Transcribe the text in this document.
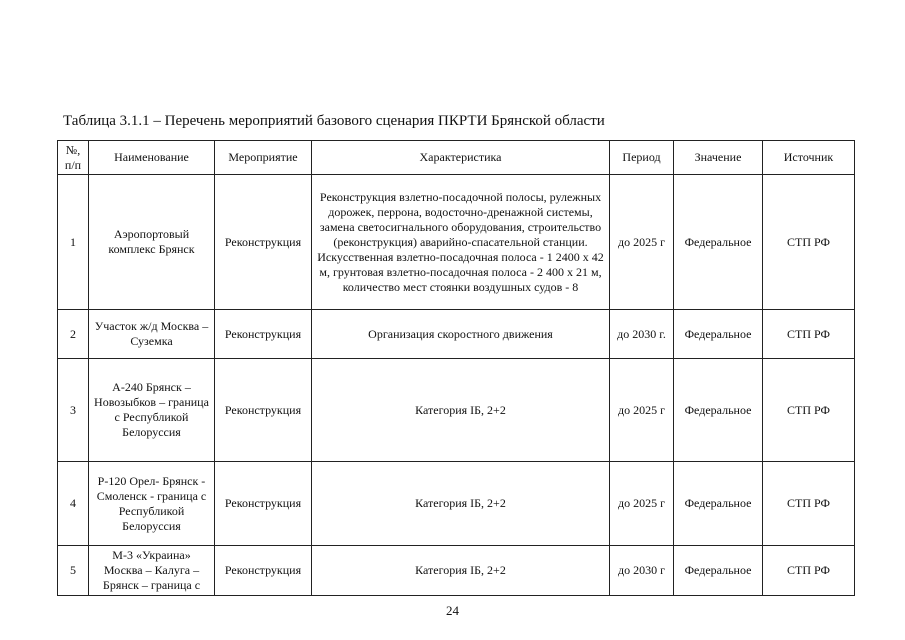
Таблица 3.1.1 – Перечень мероприятий базового сценария ПКРТИ Брянской области
№, п/п	Наименование	Мероприятие	Характеристика	Период	Значение	Источник
1	Аэропортовый комплекс Брянск	Реконструкция	Реконструкция взлетно-посадочной полосы, рулежных дорожек, перрона, водосточно-дренажной системы, замена светосигнального оборудования, строительство (реконструкция) аварийно-спасательной станции. Искусственная взлетно-посадочная полоса - 1 2400 х 42 м, грунтовая взлетно-посадочная полоса - 2 400 х 21 м, количество мест стоянки воздушных судов - 8	до 2025 г	Федеральное	СТП РФ
2	Участок ж/д Москва – Суземка	Реконструкция	Организация скоростного движения	до 2030 г.	Федеральное	СТП РФ
3	А-240 Брянск – Новозыбков – граница с Республикой Белоруссия	Реконструкция	Категория IБ, 2+2	до 2025 г	Федеральное	СТП РФ
4	Р-120 Орел- Брянск - Смоленск - граница с Республикой Белоруссия	Реконструкция	Категория IБ, 2+2	до 2025 г	Федеральное	СТП РФ
5	М-3 «Украина» Москва – Калуга – Брянск – граница с	Реконструкция	Категория IБ, 2+2	до 2030 г	Федеральное	СТП РФ
24
